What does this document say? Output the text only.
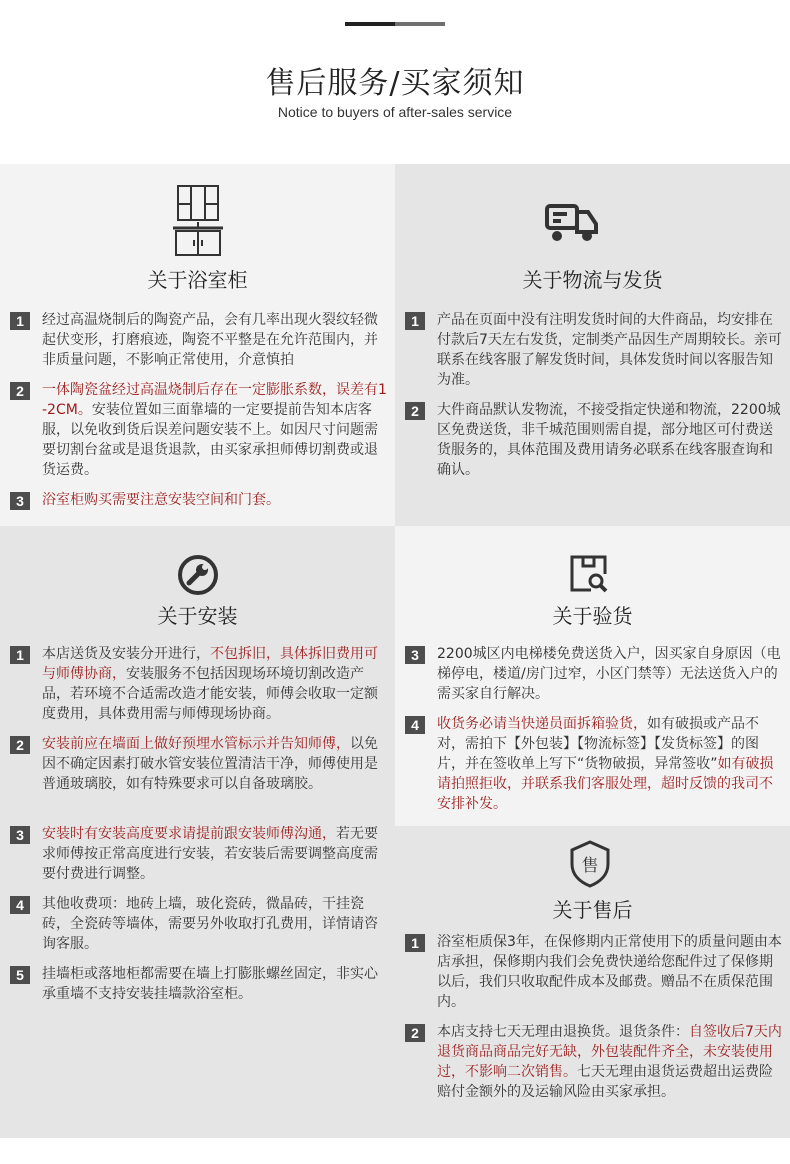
售后服务/买家须知
Notice to buyers of after-sales service
关于浴室柜
1	经过高温烧制后的陶瓷产品，会有几率出现火裂纹轻微起伏变形，打磨痕迹，陶瓷不平整是在允许范围内，并非质量问题，不影响正常使用，介意慎拍
2	一体陶瓷盆经过高温烧制后存在一定膨胀系数，误差有1-2CM。安装位置如三面靠墙的一定要提前告知本店客服，以免收到货后误差问题安装不上。如因尺寸问题需要切割台盆或是退货退款，由买家承担师傅切割费或退货运费。
3	浴室柜购买需要注意安装空间和门套。
关于物流与发货
1	产品在页面中没有注明发货时间的大件商品，均安排在付款后7天左右发货，定制类产品因生产周期较长。亲可联系在线客服了解发货时间，具体发货时间以客服告知为准。
2	大件商品默认发物流，不接受指定快递和物流，2200城区免费送货，非千城范围则需自提，部分地区可付费送货服务的，具体范围及费用请务必联系在线客服查询和确认。
关于安装
1	本店送货及安装分开进行，不包拆旧，具体拆旧费用可与师傅协商，安装服务不包括因现场环境切割改造产品，若环境不合适需改造才能安装，师傅会收取一定额度费用，具体费用需与师傅现场协商。
2	安装前应在墙面上做好预埋水管标示并告知师傅，以免因不确定因素打破水管安装位置清洁干净，师傅使用是普通玻璃胶，如有特殊要求可以自备玻璃胶。
3	安装时有安装高度要求请提前跟安装师傅沟通，若无要求师傅按正常高度进行安装，若安装后需要调整高度需要付费进行调整。
4	其他收费项：地砖上墙，玻化瓷砖，微晶砖，干挂瓷砖，全瓷砖等墙体，需要另外收取打孔费用，详情请咨询客服。
5	挂墙柜或落地柜都需要在墙上打膨胀螺丝固定，非实心承重墙不支持安装挂墙款浴室柜。
关于验货
3	2200城区内电梯楼免费送货入户，因买家自身原因（电梯停电，楼道/房门过窄，小区门禁等）无法送货入户的需买家自行解决。
4	收货务必请当快递员面拆箱验货，如有破损或产品不对，需拍下【外包装】【物流标签】【发货标签】的图片，并在签收单上写下“货物破损，异常签收”如有破损请拍照拒收，并联系我们客服处理，超时反馈的我司不安排补发。
售
关于售后
1	浴室柜质保3年，在保修期内正常使用下的质量问题由本店承担，保修期内我们会免费快递给您配件过了保修期以后，我们只收取配件成本及邮费。赠品不在质保范围内。
2	本店支持七天无理由退换货。退货条件：自签收后7天内退货商品商品完好无缺，外包装配件齐全，未安装使用过，不影响二次销售。七天无理由退货运费超出运费险赔付金额外的及运输风险由买家承担。
